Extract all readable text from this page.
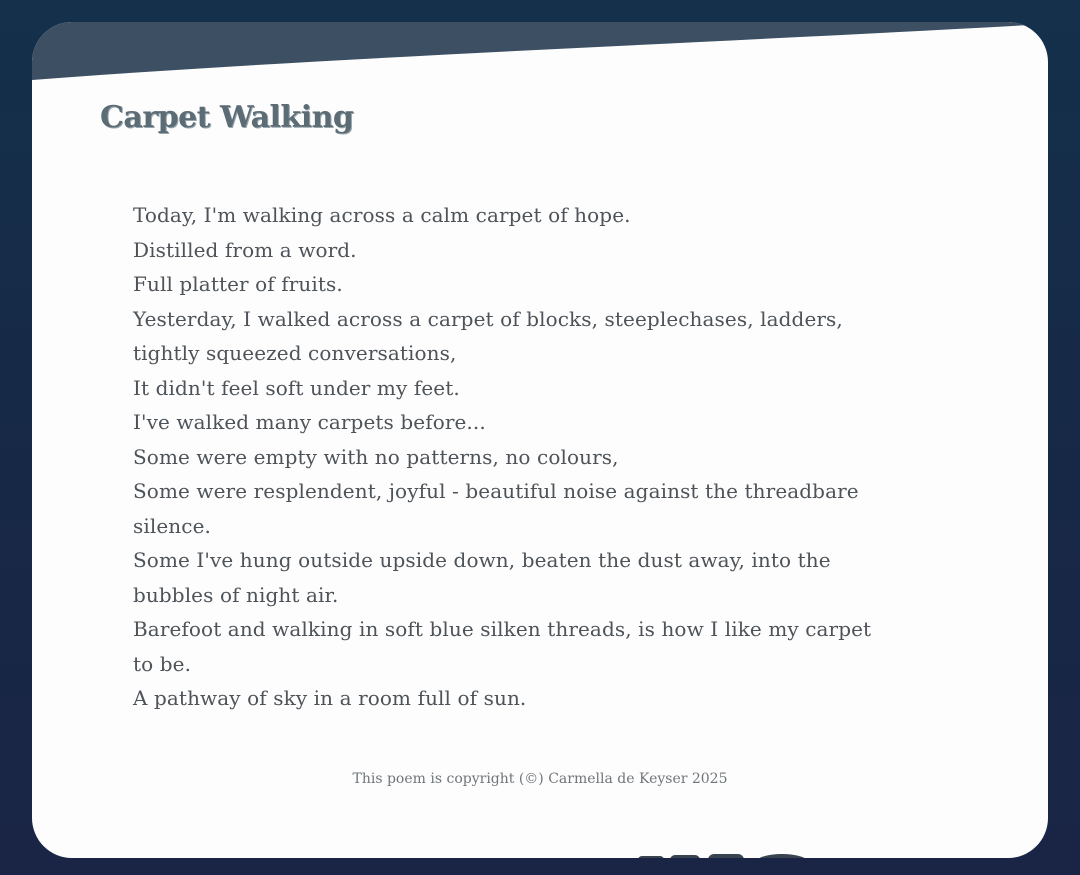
Carpet Walking
Today, I'm walking across a calm carpet of hope.
Distilled from a word.
Full platter of fruits.
Yesterday, I walked across a carpet of blocks, steeplechases, ladders,
tightly squeezed conversations,
It didn't feel soft under my feet.
I've walked many carpets before...
Some were empty with no patterns, no colours,
Some were resplendent, joyful - beautiful noise against the threadbare
silence.
Some I've hung outside upside down, beaten the dust away, into the
bubbles of night air.
Barefoot and walking in soft blue silken threads, is how I like my carpet
to be.
A pathway of sky in a room full of sun.

This poem is copyright (©) Carmella de Keyser 2025
